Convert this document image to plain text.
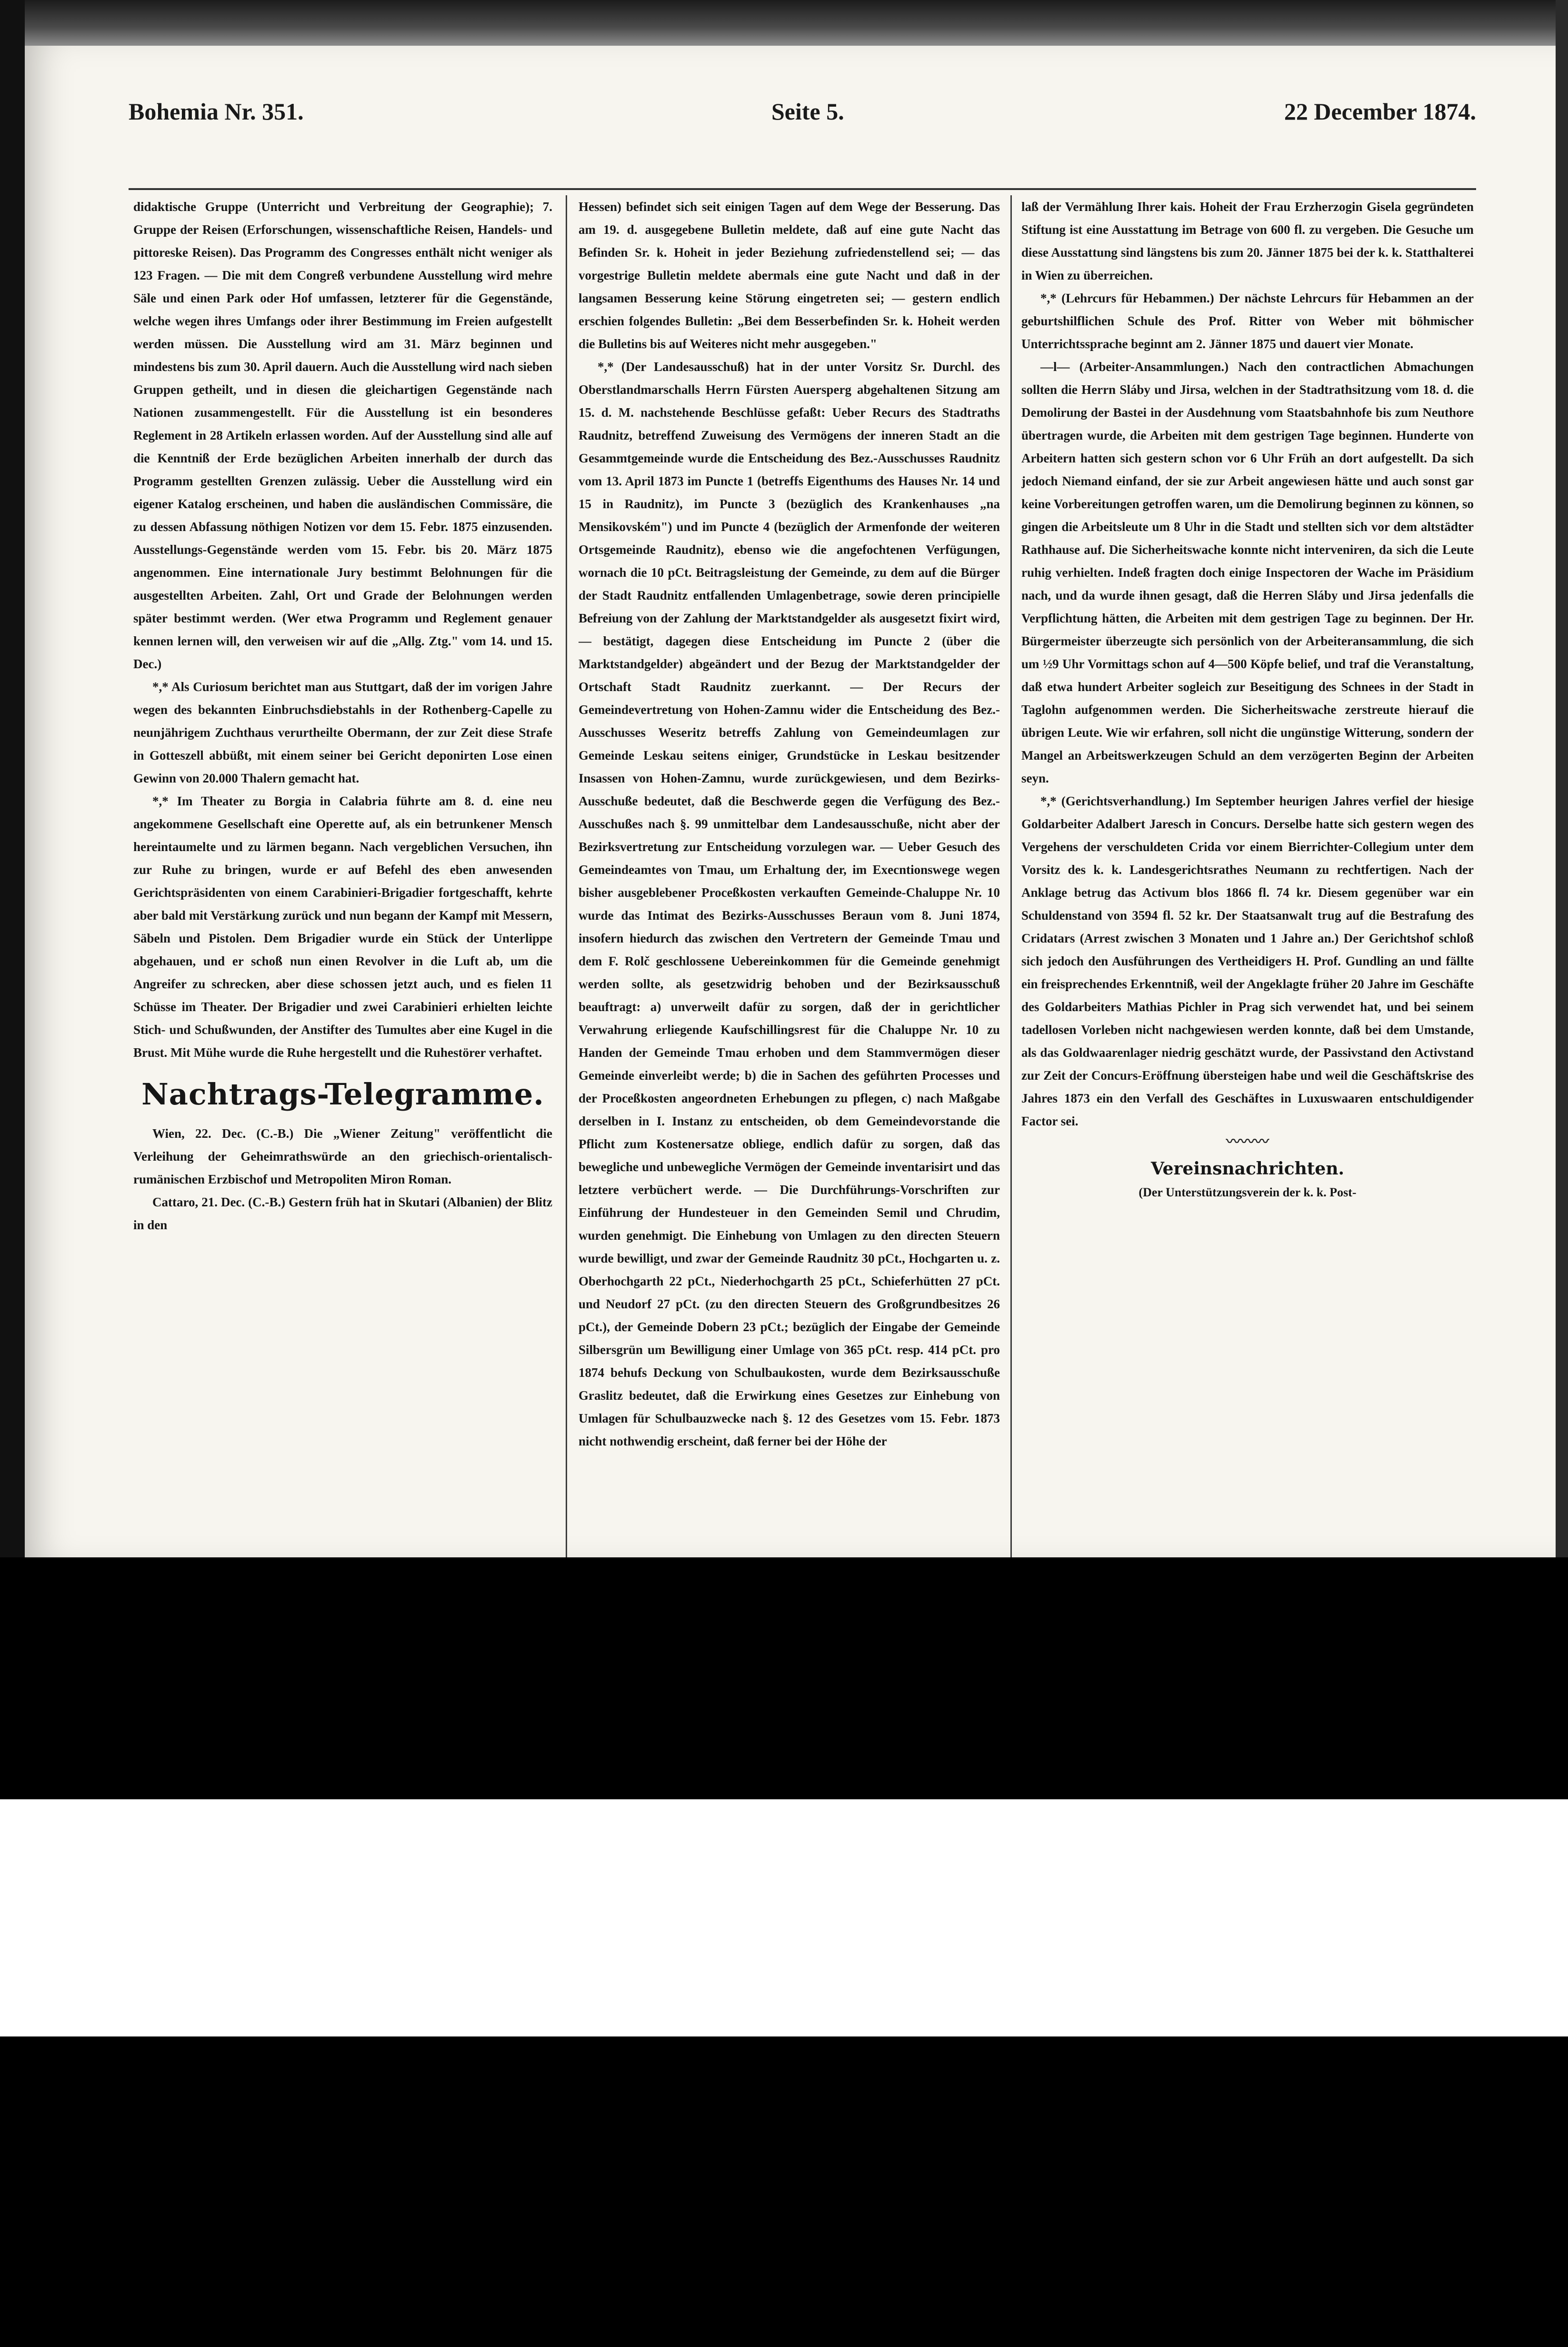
Bohemia Nr. 351.	Seite 5.	22 December 1874.

didaktische Gruppe (Unterricht und Verbreitung der Geographie); 7. Gruppe der Reisen (Erforschungen, wissenschaftliche Reisen, Handels- und pittoreske Reisen). Das Programm des Congresses enthält nicht weniger als 123 Fragen. — Die mit dem Congreß verbundene Ausstellung wird mehre Säle und einen Park oder Hof umfassen, letzterer für die Gegenstände, welche wegen ihres Umfangs oder ihrer Bestimmung im Freien aufgestellt werden müssen. Die Ausstellung wird am 31. März beginnen und mindestens bis zum 30. April dauern. Auch die Ausstellung wird nach sieben Gruppen getheilt, und in diesen die gleichartigen Gegenstände nach Nationen zusammengestellt. Für die Ausstellung ist ein besonderes Reglement in 28 Artikeln erlassen worden. Auf der Ausstellung sind alle auf die Kenntniß der Erde bezüglichen Arbeiten innerhalb der durch das Programm gestellten Grenzen zulässig. Ueber die Ausstellung wird ein eigener Katalog erscheinen, und haben die ausländischen Commissäre, die zu dessen Abfassung nöthigen Notizen vor dem 15. Febr. 1875 einzusenden. Ausstellungs-Gegenstände werden vom 15. Febr. bis 20. März 1875 angenommen. Eine internationale Jury bestimmt Belohnungen für die ausgestellten Arbeiten. Zahl, Ort und Grade der Belohnungen werden später bestimmt werden. (Wer etwa Programm und Reglement genauer kennen lernen will, den verweisen wir auf die „Allg. Ztg." vom 14. und 15. Dec.)

*,* Als Curiosum berichtet man aus Stuttgart, daß der im vorigen Jahre wegen des bekannten Einbruchsdiebstahls in der Rothenberg-Capelle zu neunjährigem Zuchthaus verurtheilte Obermann, der zur Zeit diese Strafe in Gotteszell abbüßt, mit einem seiner bei Gericht deponirten Lose einen Gewinn von 20.000 Thalern gemacht hat.

*,* Im Theater zu Borgia in Calabria führte am 8. d. eine neu angekommene Gesellschaft eine Operette auf, als ein betrunkener Mensch hereintaumelte und zu lärmen begann. Nach vergeblichen Versuchen, ihn zur Ruhe zu bringen, wurde er auf Befehl des eben anwesenden Gerichtspräsidenten von einem Carabinieri-Brigadier fortgeschafft, kehrte aber bald mit Verstärkung zurück und nun begann der Kampf mit Messern, Säbeln und Pistolen. Dem Brigadier wurde ein Stück der Unterlippe abgehauen, und er schoß nun einen Revolver in die Luft ab, um die Angreifer zu schrecken, aber diese schossen jetzt auch, und es fielen 11 Schüsse im Theater. Der Brigadier und zwei Carabinieri erhielten leichte Stich- und Schußwunden, der Anstifter des Tumultes aber eine Kugel in die Brust. Mit Mühe wurde die Ruhe hergestellt und die Ruhestörer verhaftet.

Nachtrags-Telegramme.

Wien, 22. Dec. (C.-B.) Die „Wiener Zeitung" veröffentlicht die Verleihung der Geheimrathswürde an den griechisch-orientalisch-rumänischen Erzbischof und Metropoliten Miron Roman.

Cattaro, 21. Dec. (C.-B.) Gestern früh hat in Skutari (Albanien) der Blitz in den

Hessen) befindet sich seit einigen Tagen auf dem Wege der Besserung. Das am 19. d. ausgegebene Bulletin meldete, daß auf eine gute Nacht das Befinden Sr. k. Hoheit in jeder Beziehung zufriedenstellend sei; — das vorgestrige Bulletin meldete abermals eine gute Nacht und daß in der langsamen Besserung keine Störung eingetreten sei; — gestern endlich erschien folgendes Bulletin: „Bei dem Besserbefinden Sr. k. Hoheit werden die Bulletins bis auf Weiteres nicht mehr ausgegeben."

*,* (Der Landesausschuß) hat in der unter Vorsitz Sr. Durchl. des Oberstlandmarschalls Herrn Fürsten Auersperg abgehaltenen Sitzung am 15. d. M. nachstehende Beschlüsse gefaßt: Ueber Recurs des Stadtraths Raudnitz, betreffend Zuweisung des Vermögens der inneren Stadt an die Gesammtgemeinde wurde die Entscheidung des Bez.-Ausschusses Raudnitz vom 13. April 1873 im Puncte 1 (betreffs Eigenthums des Hauses Nr. 14 und 15 in Raudnitz), im Puncte 3 (bezüglich des Krankenhauses „na Mensikovském") und im Puncte 4 (bezüglich der Armenfonde der weiteren Ortsgemeinde Raudnitz), ebenso wie die angefochtenen Verfügungen, wornach die 10 pCt. Beitragsleistung der Gemeinde, zu dem auf die Bürger der Stadt Raudnitz entfallenden Umlagenbetrage, sowie deren principielle Befreiung von der Zahlung der Marktstandgelder als ausgesetzt fixirt wird, — bestätigt, dagegen diese Entscheidung im Puncte 2 (über die Marktstandgelder) abgeändert und der Bezug der Marktstandgelder der Ortschaft Stadt Raudnitz zuerkannt. — Der Recurs der Gemeindevertretung von Hohen-Zamnu wider die Entscheidung des Bez.-Ausschusses Weseritz betreffs Zahlung von Gemeindeumlagen zur Gemeinde Leskau seitens einiger, Grundstücke in Leskau besitzender Insassen von Hohen-Zamnu, wurde zurückgewiesen, und dem Bezirks-Ausschuße bedeutet, daß die Beschwerde gegen die Verfügung des Bez.-Ausschußes nach §. 99 unmittelbar dem Landesausschuße, nicht aber der Bezirksvertretung zur Entscheidung vorzulegen war. — Ueber Gesuch des Gemeindeamtes von Tmau, um Erhaltung der, im Execntionswege wegen bisher ausgeblebener Proceßkosten verkauften Gemeinde-Chaluppe Nr. 10 wurde das Intimat des Bezirks-Ausschusses Beraun vom 8. Juni 1874, insofern hiedurch das zwischen den Vertretern der Gemeinde Tmau und dem F. Rolč geschlossene Uebereinkommen für die Gemeinde genehmigt werden sollte, als gesetzwidrig behoben und der Bezirksausschuß beauftragt: a) unverweilt dafür zu sorgen, daß der in gerichtlicher Verwahrung erliegende Kaufschillingsrest für die Chaluppe Nr. 10 zu Handen der Gemeinde Tmau erhoben und dem Stammvermögen dieser Gemeinde einverleibt werde; b) die in Sachen des geführten Processes und der Proceßkosten angeordneten Erhebungen zu pflegen, c) nach Maßgabe derselben in I. Instanz zu entscheiden, ob dem Gemeindevorstande die Pflicht zum Kostenersatze obliege, endlich dafür zu sorgen, daß das bewegliche und unbewegliche Vermögen der Gemeinde inventarisirt und das letztere verbüchert werde. — Die Durchführungs-Vorschriften zur Einführung der Hundesteuer in den Gemeinden Semil und Chrudim, wurden genehmigt. Die Einhebung von Umlagen zu den directen Steuern wurde bewilligt, und zwar der Gemeinde Raudnitz 30 pCt., Hochgarten u. z. Oberhochgarth 22 pCt., Niederhochgarth 25 pCt., Schieferhütten 27 pCt. und Neudorf 27 pCt. (zu den directen Steuern des Großgrundbesitzes 26 pCt.), der Gemeinde Dobern 23 pCt.; bezüglich der Eingabe der Gemeinde Silbersgrün um Bewilligung einer Umlage von 365 pCt. resp. 414 pCt. pro 1874 behufs Deckung von Schulbaukosten, wurde dem Bezirksausschuße Graslitz bedeutet, daß die Erwirkung eines Gesetzes zur Einhebung von Umlagen für Schulbauzwecke nach §. 12 des Gesetzes vom 15. Febr. 1873 nicht nothwendig erscheint, daß ferner bei der Höhe der

laß der Vermählung Ihrer kais. Hoheit der Frau Erzherzogin Gisela gegründeten Stiftung ist eine Ausstattung im Betrage von 600 fl. zu vergeben. Die Gesuche um diese Ausstattung sind längstens bis zum 20. Jänner 1875 bei der k. k. Statthalterei in Wien zu überreichen.

*,* (Lehrcurs für Hebammen.) Der nächste Lehrcurs für Hebammen an der geburtshilflichen Schule des Prof. Ritter von Weber mit böhmischer Unterrichtssprache beginnt am 2. Jänner 1875 und dauert vier Monate.

—l— (Arbeiter-Ansammlungen.) Nach den contractlichen Abmachungen sollten die Herrn Sláby und Jirsa, welchen in der Stadtrathsitzung vom 18. d. die Demolirung der Bastei in der Ausdehnung vom Staatsbahnhofe bis zum Neuthore übertragen wurde, die Arbeiten mit dem gestrigen Tage beginnen. Hunderte von Arbeitern hatten sich gestern schon vor 6 Uhr Früh an dort aufgestellt. Da sich jedoch Niemand einfand, der sie zur Arbeit angewiesen hätte und auch sonst gar keine Vorbereitungen getroffen waren, um die Demolirung beginnen zu können, so gingen die Arbeitsleute um 8 Uhr in die Stadt und stellten sich vor dem altstädter Rathhause auf. Die Sicherheitswache konnte nicht interveniren, da sich die Leute ruhig verhielten. Indeß fragten doch einige Inspectoren der Wache im Präsidium nach, und da wurde ihnen gesagt, daß die Herren Sláby und Jirsa jedenfalls die Verpflichtung hätten, die Arbeiten mit dem gestrigen Tage zu beginnen. Der Hr. Bürgermeister überzeugte sich persönlich von der Arbeiteransammlung, die sich um ½9 Uhr Vormittags schon auf 4—500 Köpfe belief, und traf die Veranstaltung, daß etwa hundert Arbeiter sogleich zur Beseitigung des Schnees in der Stadt in Taglohn aufgenommen werden. Die Sicherheitswache zerstreute hierauf die übrigen Leute. Wie wir erfahren, soll nicht die ungünstige Witterung, sondern der Mangel an Arbeitswerkzeugen Schuld an dem verzögerten Beginn der Arbeiten seyn.

*,* (Gerichtsverhandlung.) Im September heurigen Jahres verfiel der hiesige Goldarbeiter Adalbert Jaresch in Concurs. Derselbe hatte sich gestern wegen des Vergehens der verschuldeten Crida vor einem Bierrichter-Collegium unter dem Vorsitz des k. k. Landesgerichtsrathes Neumann zu rechtfertigen. Nach der Anklage betrug das Activum blos 1866 fl. 74 kr. Diesem gegenüber war ein Schuldenstand von 3594 fl. 52 kr. Der Staatsanwalt trug auf die Bestrafung des Cridatars (Arrest zwischen 3 Monaten und 1 Jahre an.) Der Gerichtshof schloß sich jedoch den Ausführungen des Vertheidigers H. Prof. Gundling an und fällte ein freisprechendes Erkenntniß, weil der Angeklagte früher 20 Jahre im Geschäfte des Goldarbeiters Mathias Pichler in Prag sich verwendet hat, und bei seinem tadellosen Vorleben nicht nachgewiesen werden konnte, daß bei dem Umstande, als das Goldwaarenlager niedrig geschätzt wurde, der Passivstand den Activstand zur Zeit der Concurs-Eröffnung übersteigen habe und weil die Geschäftskrise des Jahres 1873 ein den Verfall des Geschäftes in Luxuswaaren entschuldigender Factor sei.

〰〰〰
Vereinsnachrichten.
(Der Unterstützungsverein der k. k. Post-
